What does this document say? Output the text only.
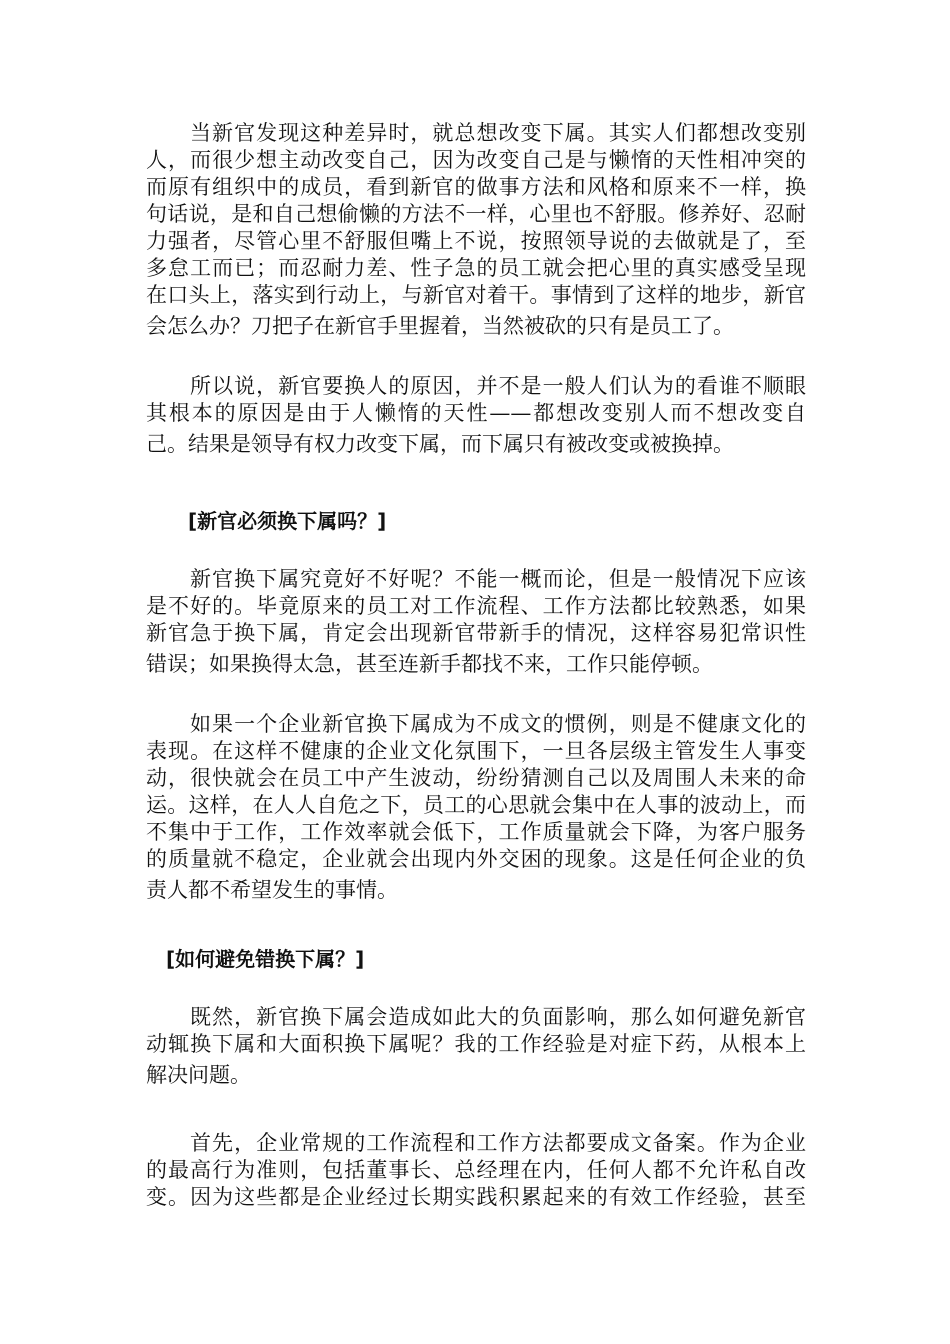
当新官发现这种差异时，就总想改变下属。其实人们都想改变别
人，而很少想主动改变自己，因为改变自己是与懒惰的天性相冲突的
而原有组织中的成员，看到新官的做事方法和风格和原来不一样，换
句话说，是和自己想偷懒的方法不一样，心里也不舒服。修养好、忍耐
力强者，尽管心里不舒服但嘴上不说，按照领导说的去做就是了，至
多怠工而已；而忍耐力差、性子急的员工就会把心里的真实感受呈现
在口头上，落实到行动上，与新官对着干。事情到了这样的地步，新官
会怎么办？刀把子在新官手里握着，当然被砍的只有是员工了。
所以说，新官要换人的原因，并不是一般人们认为的看谁不顺眼
其根本的原因是由于人懒惰的天性——都想改变别人而不想改变自
己。结果是领导有权力改变下属，而下属只有被改变或被换掉。
[新官必须换下属吗？]
新官换下属究竟好不好呢？不能一概而论，但是一般情况下应该
是不好的。毕竟原来的员工对工作流程、工作方法都比较熟悉，如果
新官急于换下属，肯定会出现新官带新手的情况，这样容易犯常识性
错误；如果换得太急，甚至连新手都找不来，工作只能停顿。
如果一个企业新官换下属成为不成文的惯例，则是不健康文化的
表现。在这样不健康的企业文化氛围下，一旦各层级主管发生人事变
动，很快就会在员工中产生波动，纷纷猜测自己以及周围人未来的命
运。这样，在人人自危之下，员工的心思就会集中在人事的波动上，而
不集中于工作，工作效率就会低下，工作质量就会下降，为客户服务
的质量就不稳定，企业就会出现内外交困的现象。这是任何企业的负
责人都不希望发生的事情。
[如何避免错换下属？]
既然，新官换下属会造成如此大的负面影响，那么如何避免新官
动辄换下属和大面积换下属呢？我的工作经验是对症下药，从根本上
解决问题。
首先，企业常规的工作流程和工作方法都要成文备案。作为企业
的最高行为准则，包括董事长、总经理在内，任何人都不允许私自改
变。因为这些都是企业经过长期实践积累起来的有效工作经验，甚至
